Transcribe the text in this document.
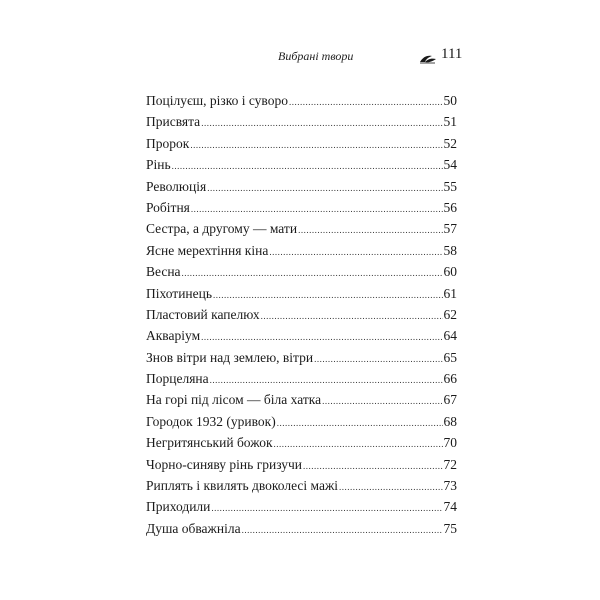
Вибрані твори	111
Поцілуєш, різко і суворо .....	50
Присвята .....	51
Пророк .....	52
Рінь .....	54
Революція .....	55
Робітня .....	56
Сестра, а другому — мати .....	57
Ясне мерехтіння кіна .....	58
Весна .....	60
Піхотинець .....	61
Пластовий капелюх .....	62
Акваріум .....	64
Знов вітри над землею, вітри .....	65
Порцеляна .....	66
На горі під лісом — біла хатка .....	67
Городок 1932 (уривок) .....	68
Негритянський божок .....	70
Чорно-синяву рінь гризучи .....	72
Риплять і квилять двоколесі мажі .....	73
Приходили .....	74
Душа обважніла .....	75
